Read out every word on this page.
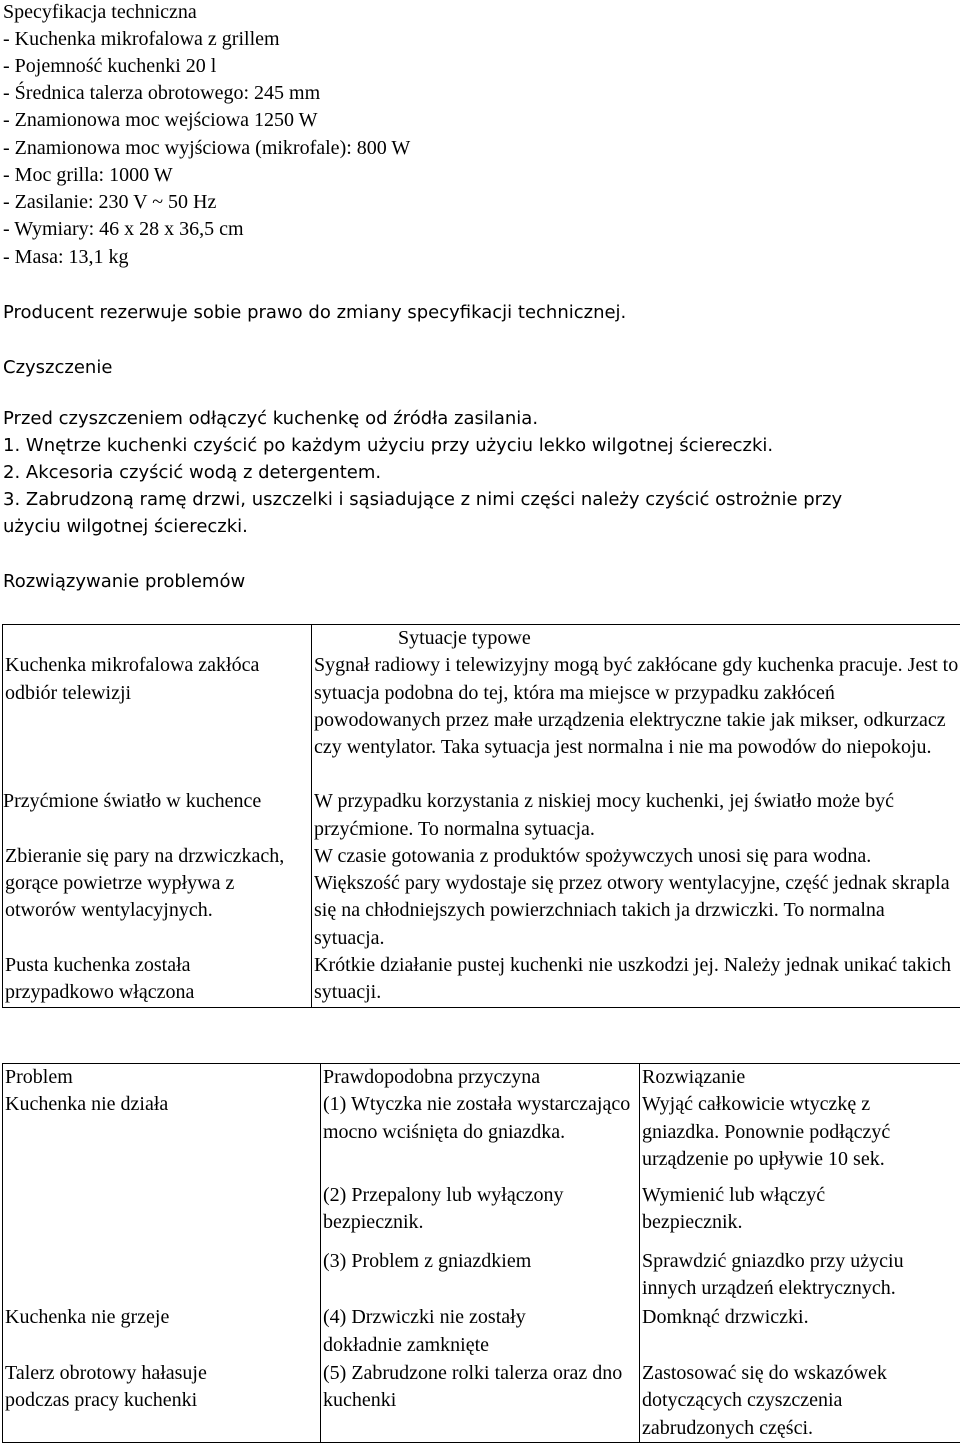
Specyfikacja techniczna
- Kuchenka mikrofalowa z grillem
- Pojemność kuchenki 20 l
- Średnica talerza obrotowego: 245 mm
- Znamionowa moc wejściowa 1250 W
- Znamionowa moc wyjściowa (mikrofale): 800 W
- Moc grilla: 1000 W
- Zasilanie: 230 V ~ 50 Hz
- Wymiary: 46 x 28 x 36,5 cm
- Masa: 13,1 kg
Producent rezerwuje sobie prawo do zmiany specyfikacji technicznej.
Czyszczenie
Przed czyszczeniem odłączyć kuchenkę od źródła zasilania.
1. Wnętrze kuchenki czyścić po każdym użyciu przy użyciu lekko wilgotnej ściereczki.
2. Akcesoria czyścić wodą z detergentem.
3. Zabrudzoną ramę drzwi, uszczelki i sąsiadujące z nimi części należy czyścić ostrożnie przy
użyciu wilgotnej ściereczki.
Rozwiązywanie problemów

	Sytuacje typowe

Kuchenka mikrofalowa zakłóca odbiór telewizji	Sygnał radiowy i telewizyjny mogą być zakłócane gdy kuchenka pracuje. Jest to sytuacja podobna do tej, która ma miejsce w przypadku zakłóceń powodowanych przez małe urządzenia elektryczne takie jak mikser, odkurzacz czy wentylator. Taka sytuacja jest normalna i nie ma powodów do niepokoju.

Przyćmione światło w kuchence	W przypadku korzystania z niskiej mocy kuchenki, jej światło może być przyćmione. To normalna sytuacja.

Zbieranie się pary na drzwiczkach, gorące powietrze wypływa z otworów wentylacyjnych.	W czasie gotowania z produktów spożywczych unosi się para wodna. Większość pary wydostaje się przez otwory wentylacyjne, część jednak skrapla się na chłodniejszych powierzchniach takich ja drzwiczki. To normalna sytuacja.

Pusta kuchenka została przypadkowo włączona	Krótkie działanie pustej kuchenki nie uszkodzi jej. Należy jednak unikać takich sytuacji.
Problem	Prawdopodobna przyczyna	Rozwiązanie

Kuchenka nie działa	(1) Wtyczka nie została wystarczająco mocno wciśnięta do gniazdka.	Wyjąć całkowicie wtyczkę z gniazdka. Ponownie podłączyć urządzenie po upływie 10 sek.

	(2) Przepalony lub wyłączony bezpiecznik.	Wymienić lub włączyć bezpiecznik.

	(3) Problem z gniazdkiem	Sprawdzić gniazdko przy użyciu innych urządzeń elektrycznych.

Kuchenka nie grzeje	(4) Drzwiczki nie zostały dokładnie zamknięte	Domknąć drzwiczki.

Talerz obrotowy hałasuje podczas pracy kuchenki	(5) Zabrudzone rolki talerza oraz dno kuchenki	Zastosować się do wskazówek dotyczących czyszczenia zabrudzonych części.
